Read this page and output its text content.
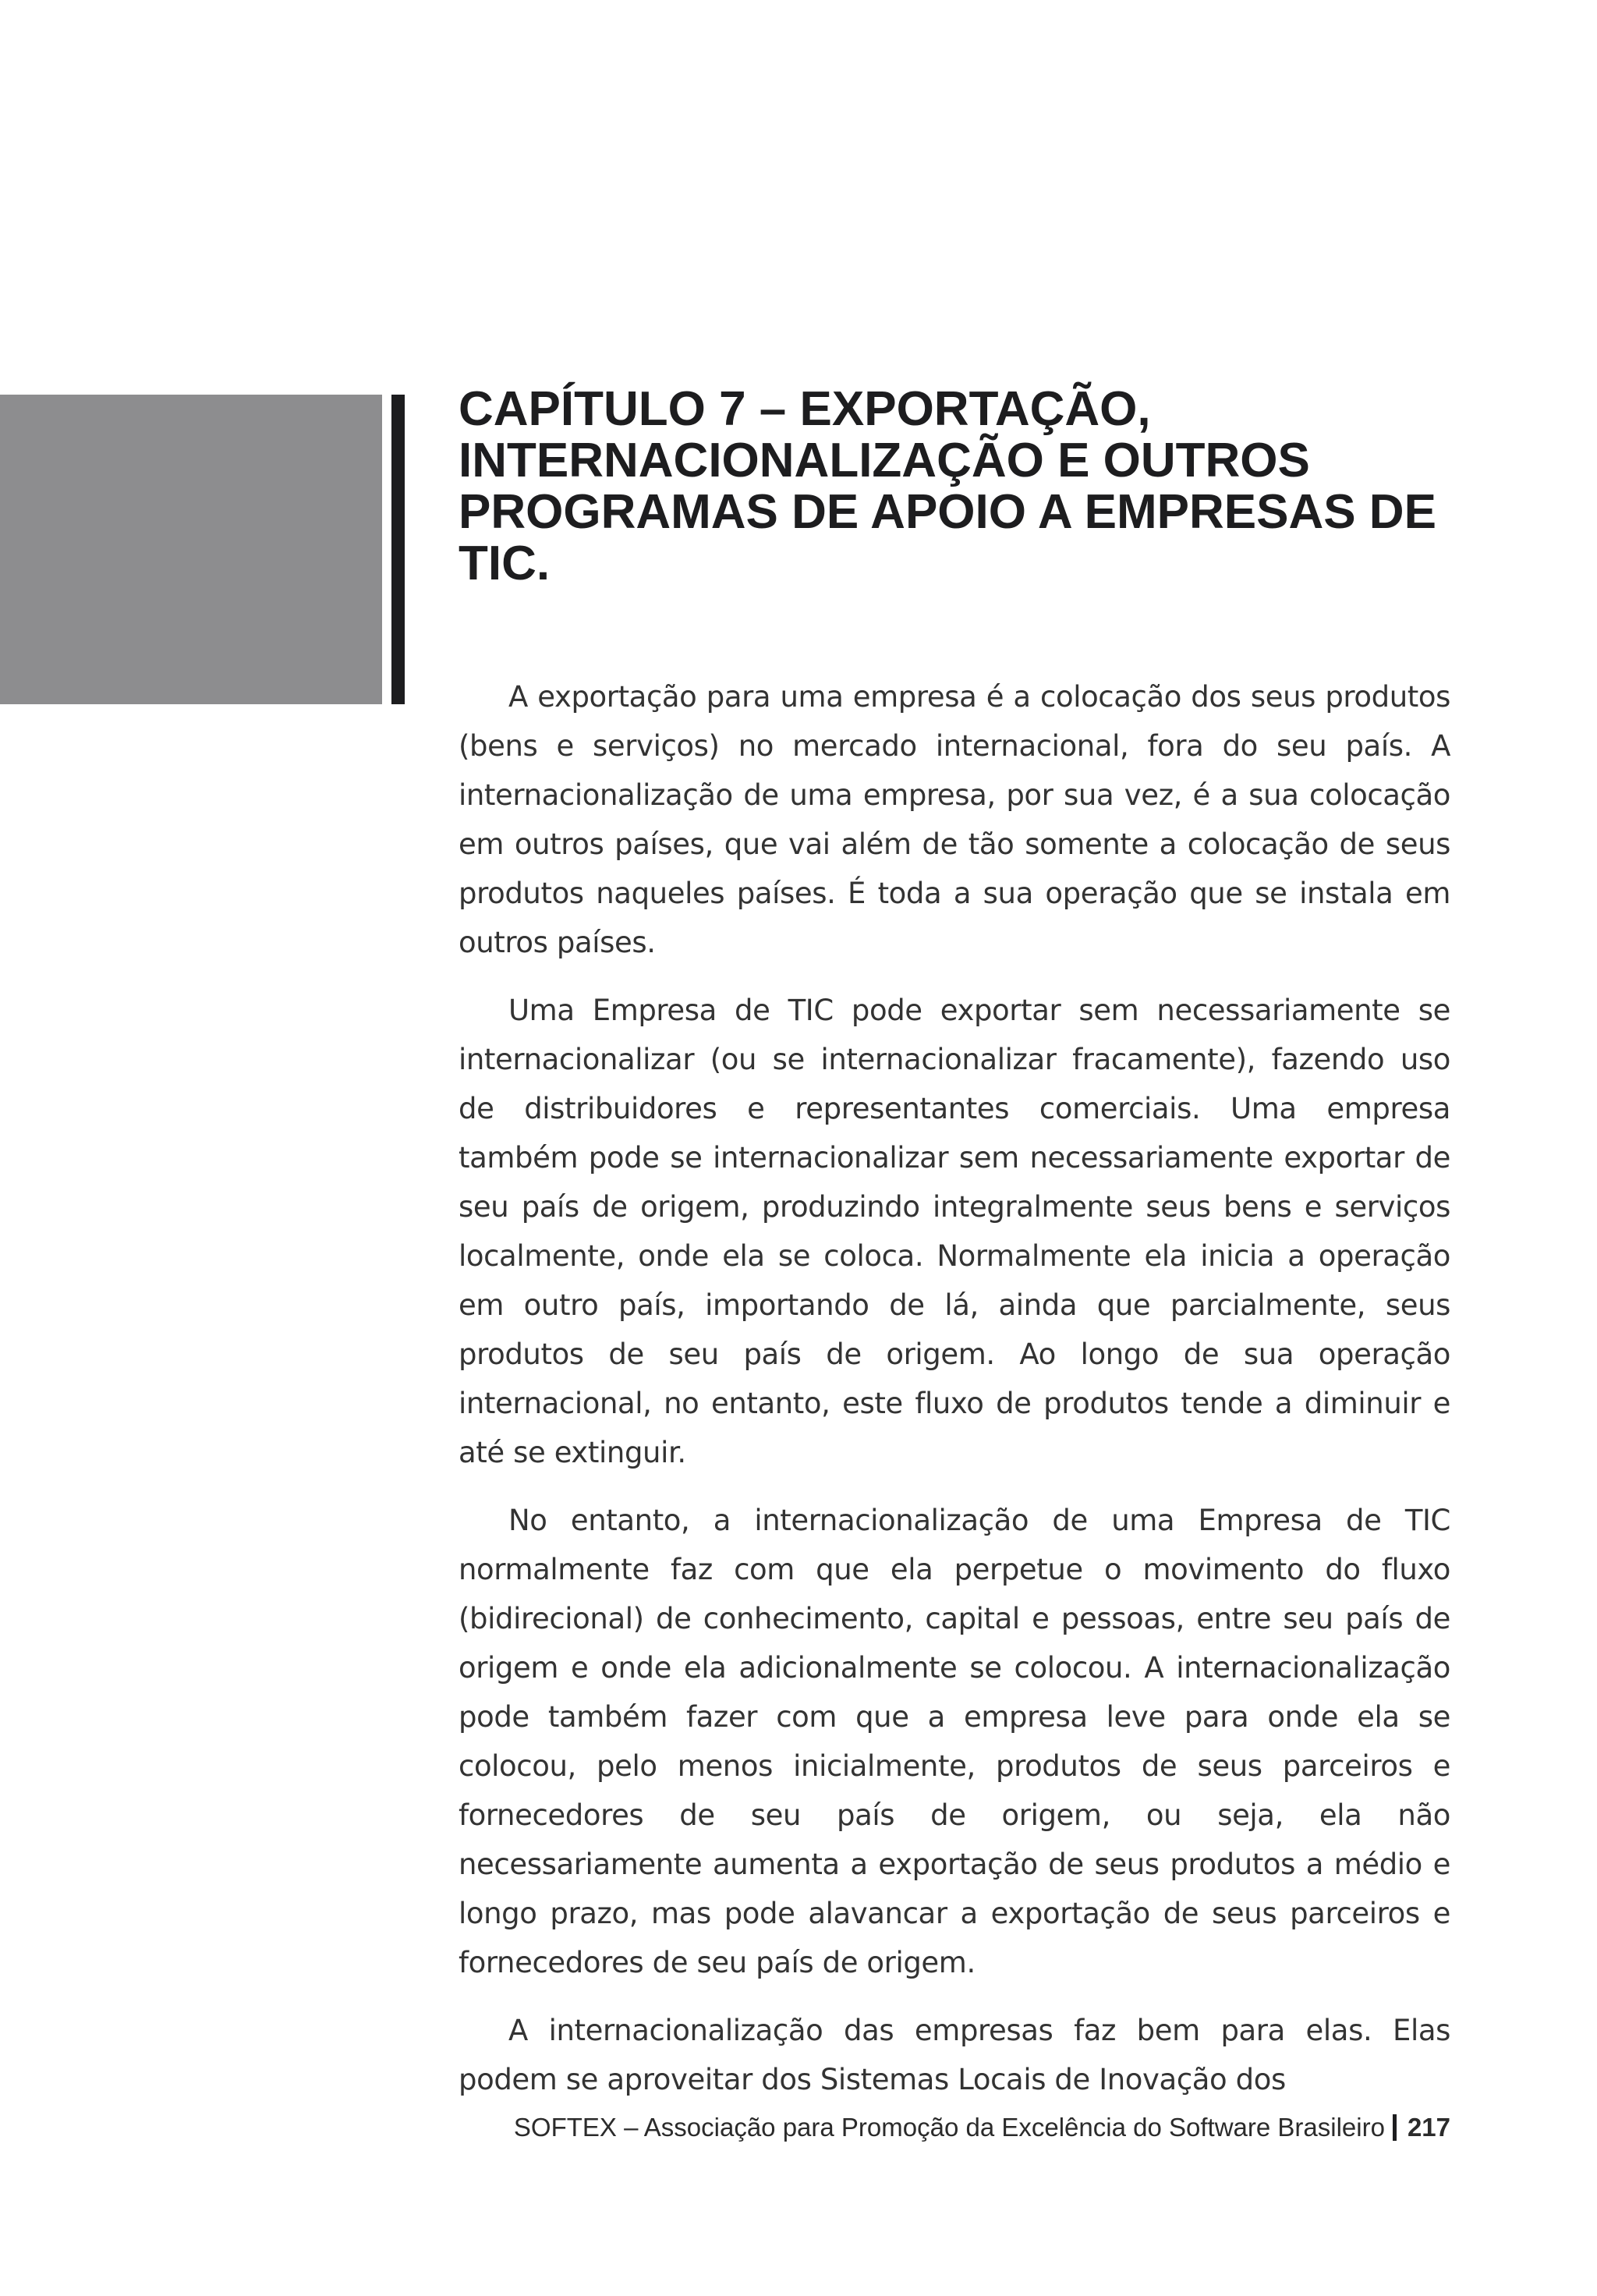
CAPÍTULO 7 – EXPORTAÇÃO, INTERNACIONALIZAÇÃO E OUTROS PROGRAMAS DE APOIO A EMPRESAS DE TIC.

A exportação para uma empresa é a colocação dos seus produtos (bens e serviços) no mercado internacional, fora do seu país. A internacionalização de uma empresa, por sua vez, é a sua colocação em outros países, que vai além de tão somente a colocação de seus produtos naqueles países. É toda a sua operação que se instala em outros países.

Uma Empresa de TIC pode exportar sem necessariamente se internacionalizar (ou se internacionalizar fracamente), fazendo uso de distribuidores e representantes comerciais. Uma empresa também pode se internacionalizar sem necessariamente exportar de seu país de origem, produzindo integralmente seus bens e serviços localmente, onde ela se coloca. Normalmente ela inicia a operação em outro país, importando de lá, ainda que parcialmente, seus produtos de seu país de origem. Ao longo de sua operação internacional, no entanto, este fluxo de produtos tende a diminuir e até se extinguir.

No entanto, a internacionalização de uma Empresa de TIC normalmente faz com que ela perpetue o movimento do fluxo (bidirecional) de conhecimento, capital e pessoas, entre seu país de origem e onde ela adicionalmente se colocou. A internacionalização pode também fazer com que a empresa leve para onde ela se colocou, pelo menos inicialmente, produtos de seus parceiros e fornecedores de seu país de origem, ou seja, ela não necessariamente aumenta a exportação de seus produtos a médio e longo prazo, mas pode alavancar a exportação de seus parceiros e fornecedores de seu país de origem.

A internacionalização das empresas faz bem para elas. Elas podem se aproveitar dos Sistemas Locais de Inovação dos

SOFTEX – Associação para Promoção da Excelência do Software Brasileiro 217
